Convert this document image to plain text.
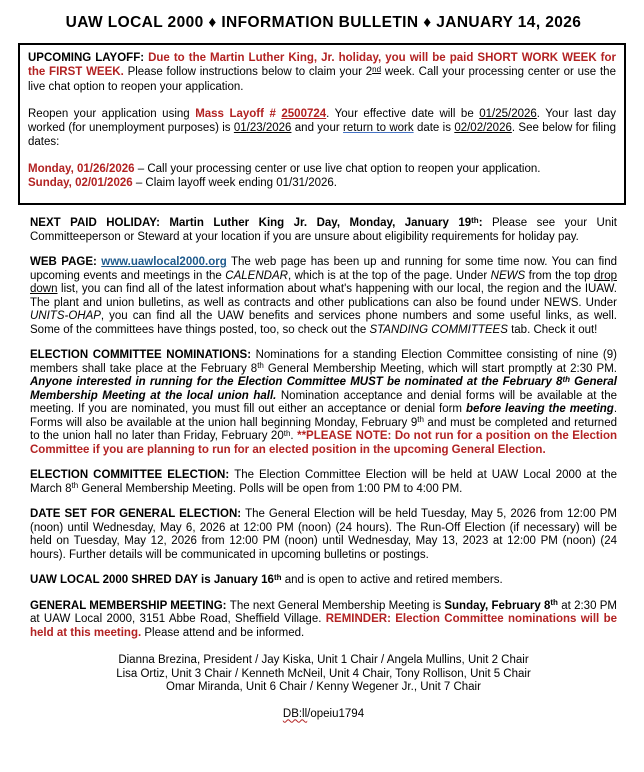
UAW LOCAL 2000 ♦ INFORMATION BULLETIN ♦ JANUARY 14, 2026

UPCOMING LAYOFF: Due to the Martin Luther King, Jr. holiday, you will be paid SHORT WORK WEEK for the FIRST WEEK. Please follow instructions below to claim your 2nd week. Call your processing center or use the live chat option to reopen your application.

Reopen your application using Mass Layoff # 2500724. Your effective date will be 01/25/2026. Your last day worked (for unemployment purposes) is 01/23/2026 and your return to work date is 02/02/2026. See below for filing dates:

Monday, 01/26/2026 – Call your processing center or use live chat option to reopen your application.
Sunday, 02/01/2026 – Claim layoff week ending 01/31/2026.

NEXT PAID HOLIDAY: Martin Luther King Jr. Day, Monday, January 19th: Please see your Unit Committeeperson or Steward at your location if you are unsure about eligibility requirements for holiday pay.

WEB PAGE: www.uawlocal2000.org The web page has been up and running for some time now. You can find upcoming events and meetings in the CALENDAR, which is at the top of the page. Under NEWS from the top drop down list, you can find all of the latest information about what's happening with our local, the region and the IUAW. The plant and union bulletins, as well as contracts and other publications can also be found under NEWS. Under UNITS-OHAP, you can find all the UAW benefits and services phone numbers and some useful links, as well. Some of the committees have things posted, too, so check out the STANDING COMMITTEES tab. Check it out!

ELECTION COMMITTEE NOMINATIONS: Nominations for a standing Election Committee consisting of nine (9) members shall take place at the February 8th General Membership Meeting, which will start promptly at 2:30 PM. Anyone interested in running for the Election Committee MUST be nominated at the February 8th General Membership Meeting at the local union hall. Nomination acceptance and denial forms will be available at the meeting. If you are nominated, you must fill out either an acceptance or denial form before leaving the meeting. Forms will also be available at the union hall beginning Monday, February 9th and must be completed and returned to the union hall no later than Friday, February 20th. **PLEASE NOTE: Do not run for a position on the Election Committee if you are planning to run for an elected position in the upcoming General Election.

ELECTION COMMITTEE ELECTION: The Election Committee Election will be held at UAW Local 2000 at the March 8th General Membership Meeting. Polls will be open from 1:00 PM to 4:00 PM.

DATE SET FOR GENERAL ELECTION: The General Election will be held Tuesday, May 5, 2026 from 12:00 PM (noon) until Wednesday, May 6, 2026 at 12:00 PM (noon) (24 hours). The Run-Off Election (if necessary) will be held on Tuesday, May 12, 2026 from 12:00 PM (noon) until Wednesday, May 13, 2023 at 12:00 PM (noon) (24 hours). Further details will be communicated in upcoming bulletins or postings.

UAW LOCAL 2000 SHRED DAY is January 16th and is open to active and retired members.

GENERAL MEMBERSHIP MEETING: The next General Membership Meeting is Sunday, February 8th at 2:30 PM at UAW Local 2000, 3151 Abbe Road, Sheffield Village. REMINDER: Election Committee nominations will be held at this meeting. Please attend and be informed.

Dianna Brezina, President / Jay Kiska, Unit 1 Chair / Angela Mullins, Unit 2 Chair
Lisa Ortiz, Unit 3 Chair / Kenneth McNeil, Unit 4 Chair, Tony Rollison, Unit 5 Chair
Omar Miranda, Unit 6 Chair / Kenny Wegener Jr., Unit 7 Chair

DB:ll/opeiu1794
